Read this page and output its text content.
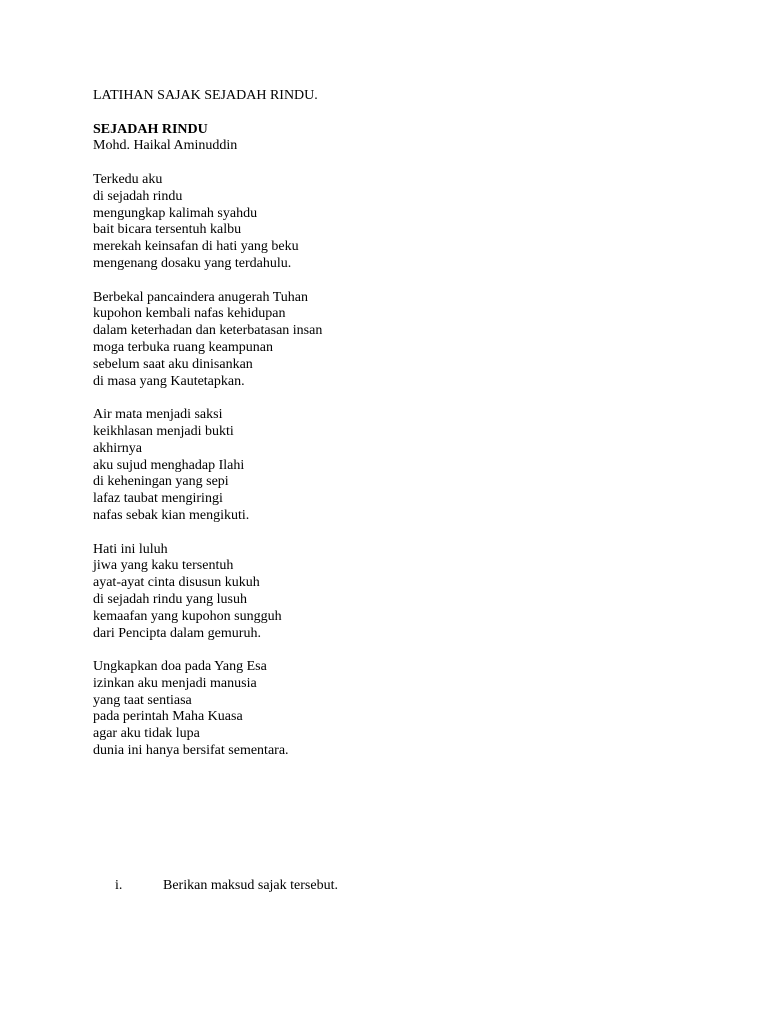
LATIHAN SAJAK SEJADAH RINDU.
SEJADAH RINDU
Mohd. Haikal Aminuddin
Terkedu aku
di sejadah rindu
mengungkap kalimah syahdu
bait bicara tersentuh kalbu
merekah keinsafan di hati yang beku
mengenang dosaku yang terdahulu.
Berbekal pancaindera anugerah Tuhan
kupohon kembali nafas kehidupan
dalam keterhadan dan keterbatasan insan
moga terbuka ruang keampunan
sebelum saat aku dinisankan
di masa yang Kautetapkan.
Air mata menjadi saksi
keikhlasan menjadi bukti
akhirnya
aku sujud menghadap Ilahi
di keheningan yang sepi
lafaz taubat mengiringi
nafas sebak kian mengikuti.
Hati ini luluh
jiwa yang kaku tersentuh
ayat-ayat cinta disusun kukuh
di sejadah rindu yang lusuh
kemaafan yang kupohon sungguh
dari Pencipta dalam gemuruh.
Ungkapkan doa pada Yang Esa
izinkan aku menjadi manusia
yang taat sentiasa
pada perintah Maha Kuasa
agar aku tidak lupa
dunia ini hanya bersifat sementara.
i.	Berikan maksud sajak tersebut.
